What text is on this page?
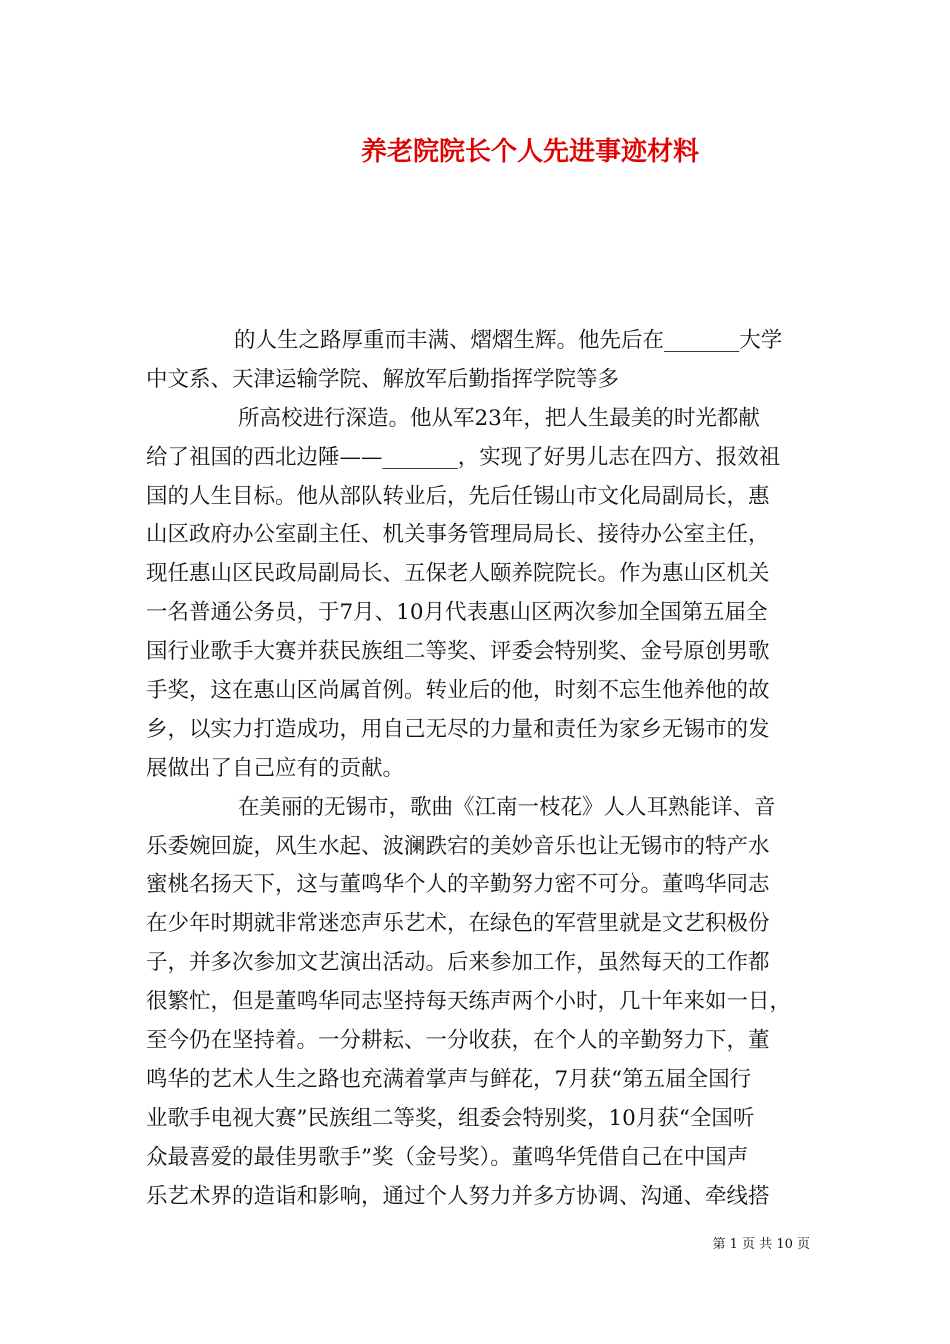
养老院院长个人先进事迹材料
的人生之路厚重而丰满、熠熠生辉。他先后在_______大学
中文系、天津运输学院、解放军后勤指挥学院等多
所高校进行深造。他从军23年，把人生最美的时光都献
给了祖国的西北边陲——_______，实现了好男儿志在四方、报效祖
国的人生目标。他从部队转业后，先后任锡山市文化局副局长，惠
山区政府办公室副主任、机关事务管理局局长、接待办公室主任，
现任惠山区民政局副局长、五保老人颐养院院长。作为惠山区机关
一名普通公务员，于7月、10月代表惠山区两次参加全国第五届全
国行业歌手大赛并获民族组二等奖、评委会特别奖、金号原创男歌
手奖，这在惠山区尚属首例。转业后的他，时刻不忘生他养他的故
乡，以实力打造成功，用自己无尽的力量和责任为家乡无锡市的发
展做出了自己应有的贡献。
在美丽的无锡市，歌曲《江南一枝花》人人耳熟能详、音
乐委婉回旋，风生水起、波澜跌宕的美妙音乐也让无锡市的特产水
蜜桃名扬天下，这与董鸣华个人的辛勤努力密不可分。董鸣华同志
在少年时期就非常迷恋声乐艺术，在绿色的军营里就是文艺积极份
子，并多次参加文艺演出活动。后来参加工作，虽然每天的工作都
很繁忙，但是董鸣华同志坚持每天练声两个小时，几十年来如一日，
至今仍在坚持着。一分耕耘、一分收获，在个人的辛勤努力下，董
鸣华的艺术人生之路也充满着掌声与鲜花，7月获“第五届全国行
业歌手电视大赛”民族组二等奖，组委会特别奖，10月获“全国听
众最喜爱的最佳男歌手”奖（金号奖）。董鸣华凭借自己在中国声
乐艺术界的造诣和影响，通过个人努力并多方协调、沟通、牵线搭
第 1 页 共 10 页
